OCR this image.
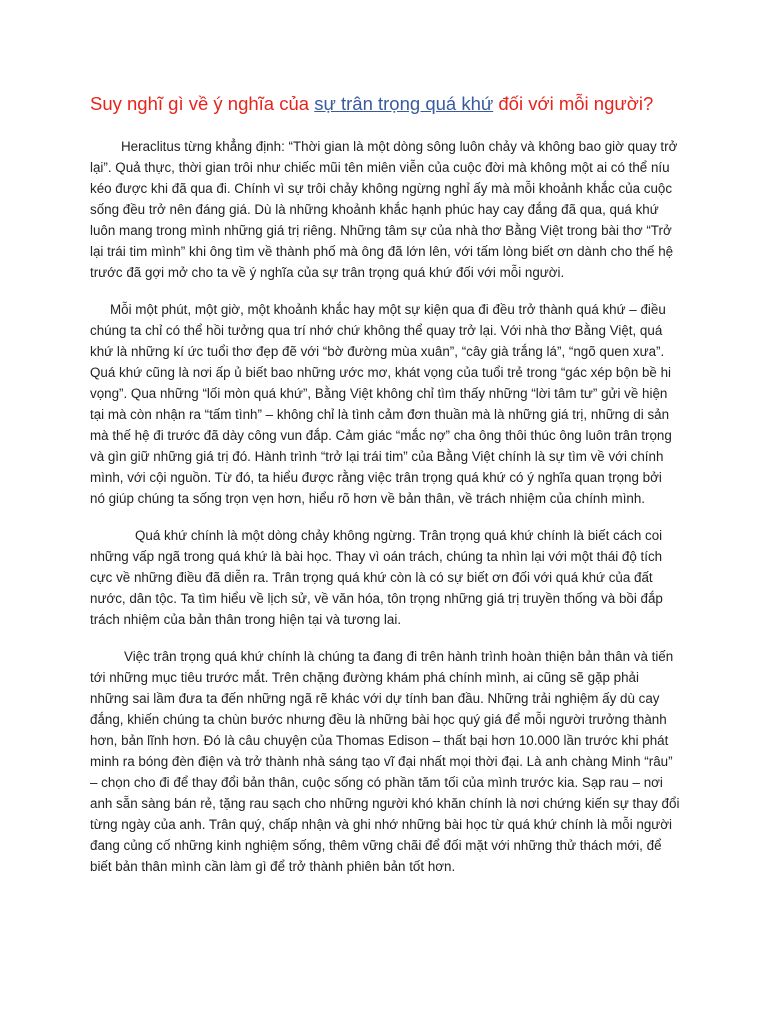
Suy nghĩ gì về ý nghĩa của sự trân trọng quá khứ đối với mỗi người?

Heraclitus từng khẳng định: “Thời gian là một dòng sông luôn chảy và không bao giờ quay trở lại”. Quả thực, thời gian trôi như chiếc mũi tên miên viễn của cuộc đời mà không một ai có thể níu kéo được khi đã qua đi. Chính vì sự trôi chảy không ngừng nghỉ ấy mà mỗi khoảnh khắc của cuộc sống đều trở nên đáng giá. Dù là những khoảnh khắc hạnh phúc hay cay đắng đã qua, quá khứ luôn mang trong mình những giá trị riêng. Những tâm sự của nhà thơ Bằng Việt trong bài thơ “Trở lại trái tim mình” khi ông tìm về thành phố mà ông đã lớn lên, với tấm lòng biết ơn dành cho thế hệ trước đã gợi mở cho ta về ý nghĩa của sự trân trọng quá khứ đối với mỗi người.

Mỗi một phút, một giờ, một khoảnh khắc hay một sự kiện qua đi đều trở thành quá khứ – điều chúng ta chỉ có thể hồi tưởng qua trí nhớ chứ không thể quay trở lại. Với nhà thơ Bằng Việt, quá khứ là những kí ức tuổi thơ đẹp đẽ với “bờ đường mùa xuân”, “cây già trắng lá”, “ngõ quen xưa”. Quá khứ cũng là nơi ấp ủ biết bao những ước mơ, khát vọng của tuổi trẻ trong “gác xép bộn bề hi vọng”. Qua những “lối mòn quá khứ”, Bằng Việt không chỉ tìm thấy những “lời tâm tư” gửi về hiện tại mà còn nhận ra “tấm tình” – không chỉ là tình cảm đơn thuần mà là những giá trị, những di sản mà thế hệ đi trước đã dày công vun đắp. Cảm giác “mắc nợ” cha ông thôi thúc ông luôn trân trọng và gìn giữ những giá trị đó. Hành trình “trở lại trái tim” của Bằng Việt chính là sự tìm về với chính mình, với cội nguồn. Từ đó, ta hiểu được rằng việc trân trọng quá khứ có ý nghĩa quan trọng bởi nó giúp chúng ta sống trọn vẹn hơn, hiểu rõ hơn về bản thân, về trách nhiệm của chính mình.

Quá khứ chính là một dòng chảy không ngừng. Trân trọng quá khứ chính là biết cách coi những vấp ngã trong quá khứ là bài học. Thay vì oán trách, chúng ta nhìn lại với một thái độ tích cực về những điều đã diễn ra. Trân trọng quá khứ còn là có sự biết ơn đối với quá khứ của đất nước, dân tộc. Ta tìm hiểu về lịch sử, về văn hóa, tôn trọng những giá trị truyền thống và bồi đắp trách nhiệm của bản thân trong hiện tại và tương lai.

Việc trân trọng quá khứ chính là chúng ta đang đi trên hành trình hoàn thiện bản thân và tiến tới những mục tiêu trước mắt. Trên chặng đường khám phá chính mình, ai cũng sẽ gặp phải những sai lầm đưa ta đến những ngã rẽ khác với dự tính ban đầu. Những trải nghiệm ấy dù cay đắng, khiến chúng ta chùn bước nhưng đều là những bài học quý giá để mỗi người trưởng thành hơn, bản lĩnh hơn. Đó là câu chuyện của Thomas Edison – thất bại hơn 10.000 lần trước khi phát minh ra bóng đèn điện và trở thành nhà sáng tạo vĩ đại nhất mọi thời đại. Là anh chàng Minh “râu” – chọn cho đi để thay đổi bản thân, cuộc sống có phần tăm tối của mình trước kia. Sạp rau – nơi anh sẵn sàng bán rẻ, tặng rau sạch cho những người khó khăn chính là nơi chứng kiến sự thay đổi từng ngày của anh. Trân quý, chấp nhận và ghi nhớ những bài học từ quá khứ chính là mỗi người đang củng cố những kinh nghiệm sống, thêm vững chãi để đối mặt với những thử thách mới, để biết bản thân mình cần làm gì để trở thành phiên bản tốt hơn.
